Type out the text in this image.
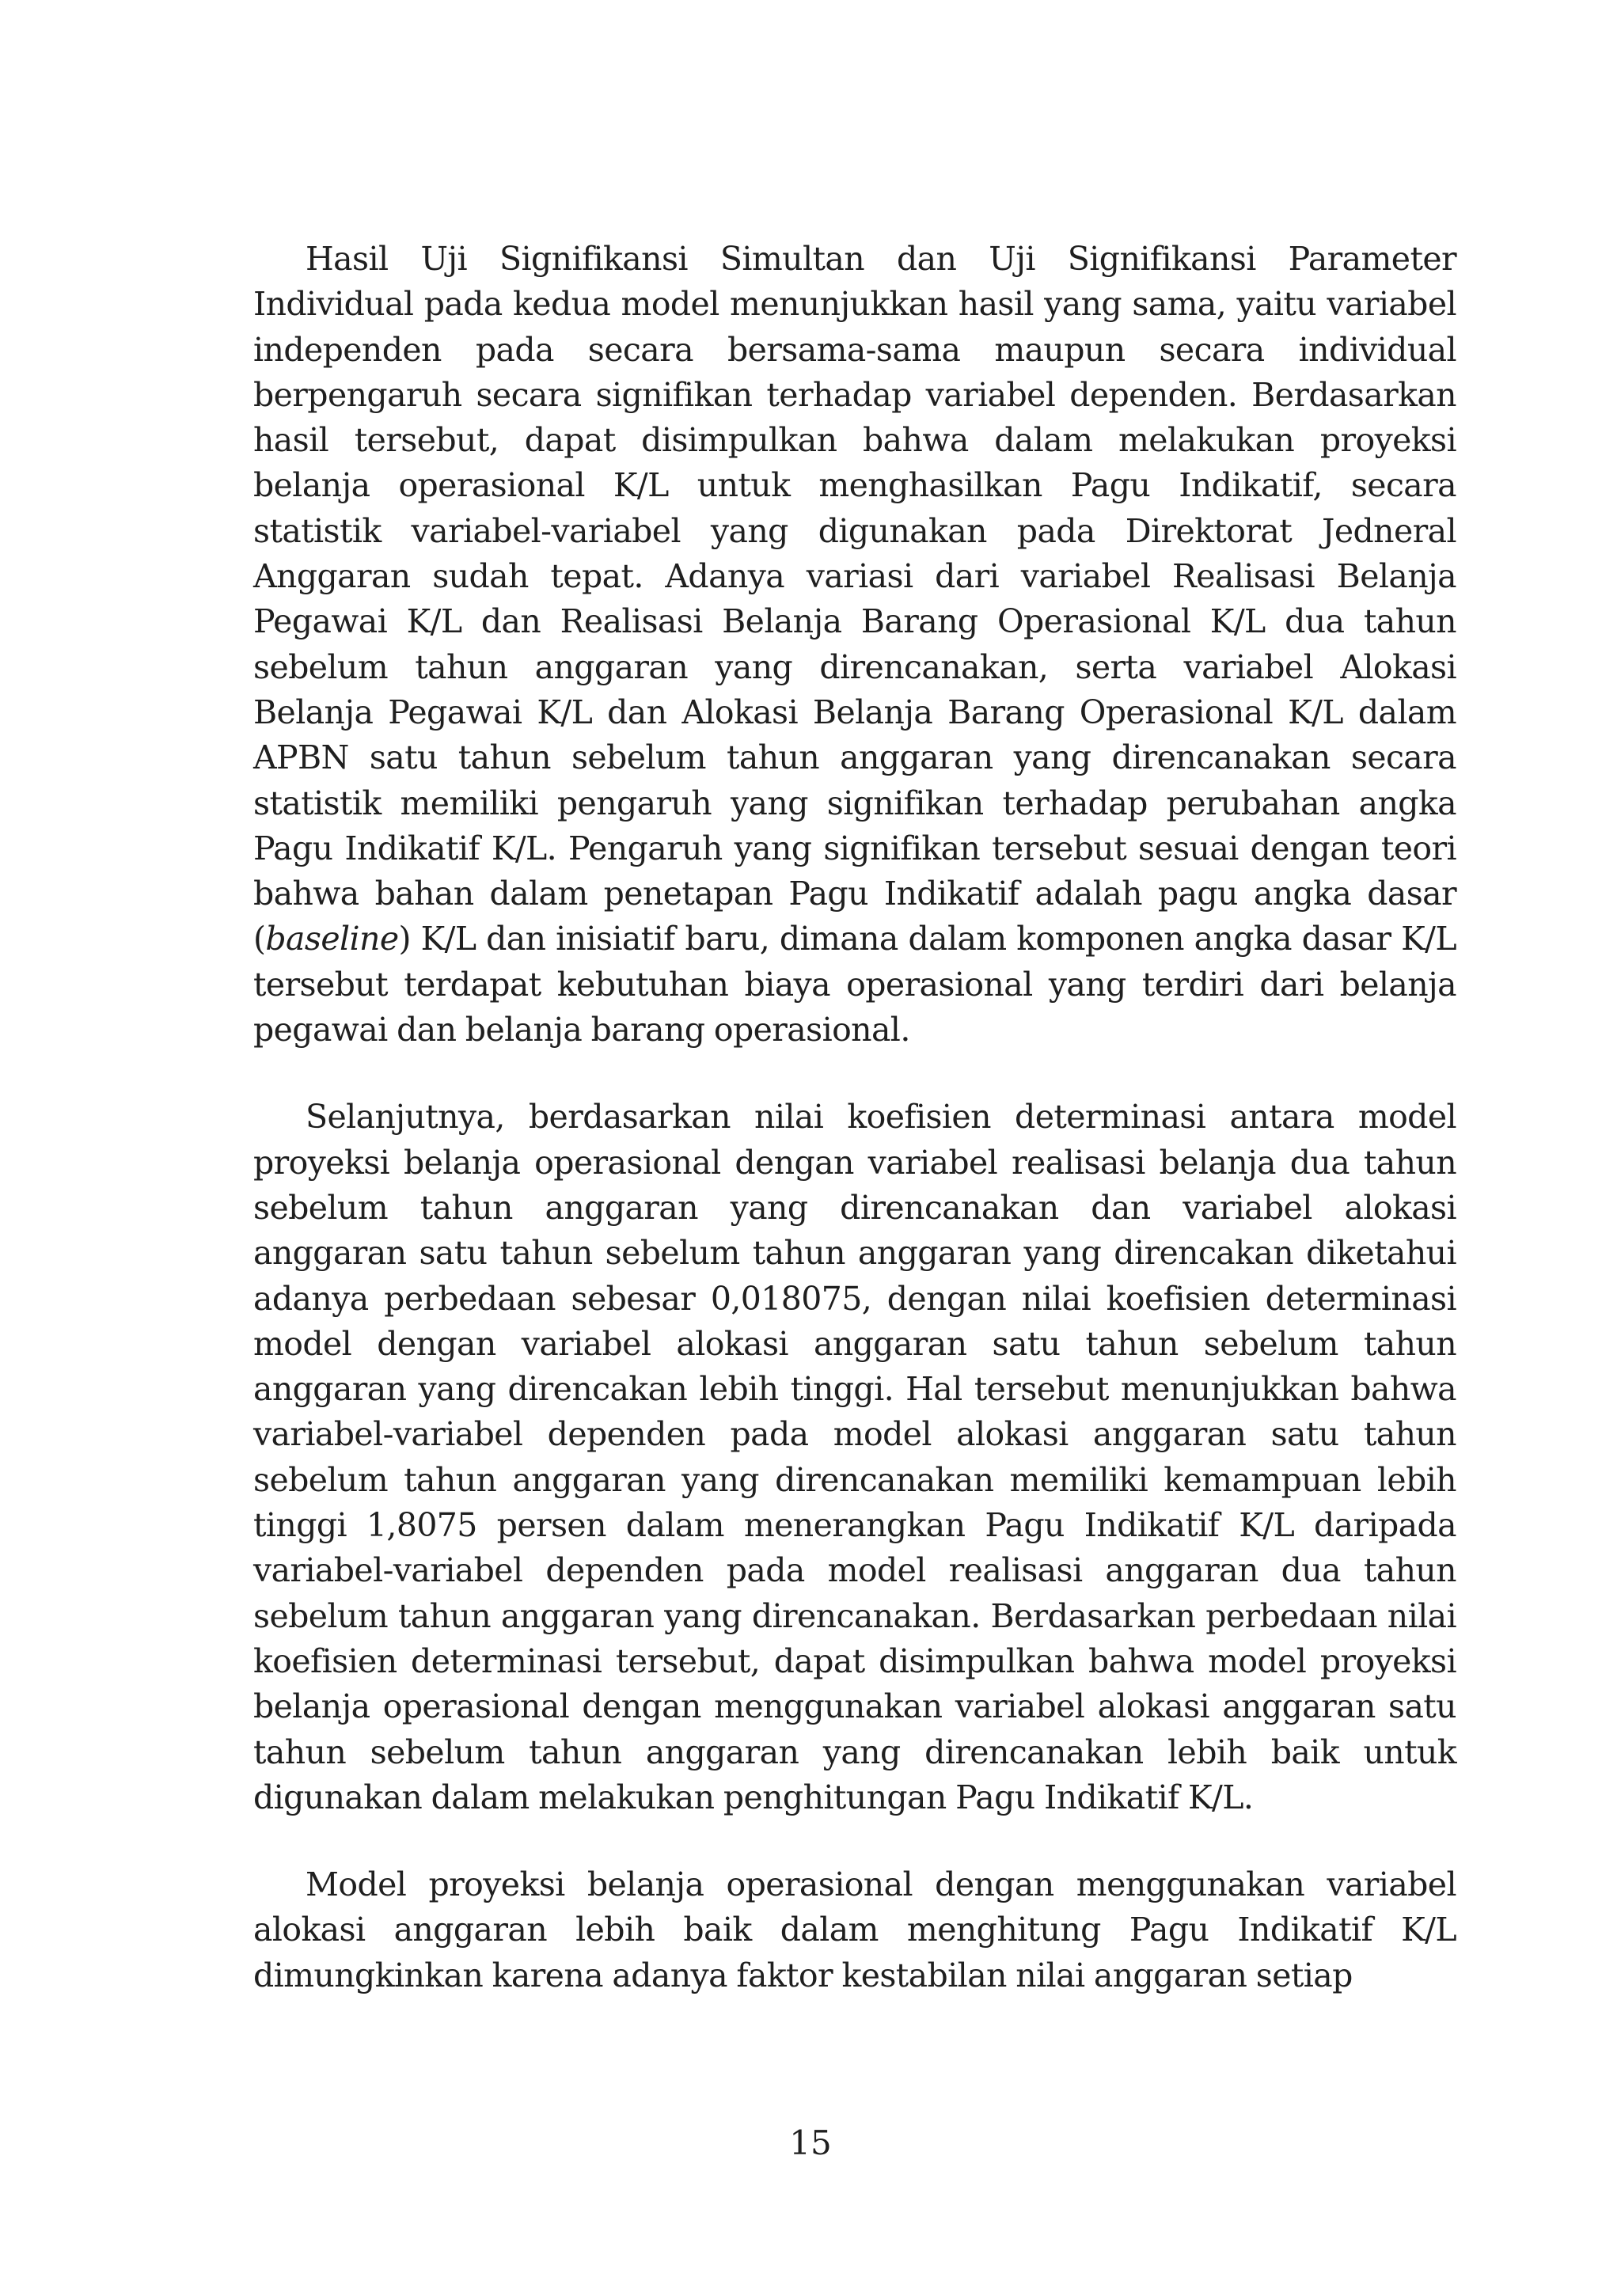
Hasil Uji Signifikansi Simultan dan Uji Signifikansi Parameter Individual pada kedua model menunjukkan hasil yang sama, yaitu variabel independen pada secara bersama-sama maupun secara individual berpengaruh secara signifikan terhadap variabel dependen. Berdasarkan hasil tersebut, dapat disimpulkan bahwa dalam melakukan proyeksi belanja operasional K/L untuk menghasilkan Pagu Indikatif, secara statistik variabel-variabel yang digunakan pada Direktorat Jedneral Anggaran sudah tepat. Adanya variasi dari variabel Realisasi Belanja Pegawai K/L dan Realisasi Belanja Barang Operasional K/L dua tahun sebelum tahun anggaran yang direncanakan, serta variabel Alokasi Belanja Pegawai K/L dan Alokasi Belanja Barang Operasional K/L dalam APBN satu tahun sebelum tahun anggaran yang direncanakan secara statistik memiliki pengaruh yang signifikan terhadap perubahan angka Pagu Indikatif K/L. Pengaruh yang signifikan tersebut sesuai dengan teori bahwa bahan dalam penetapan Pagu Indikatif adalah pagu angka dasar (baseline) K/L dan inisiatif baru, dimana dalam komponen angka dasar K/L tersebut terdapat kebutuhan biaya operasional yang terdiri dari belanja pegawai dan belanja barang operasional.

Selanjutnya, berdasarkan nilai koefisien determinasi antara model proyeksi belanja operasional dengan variabel realisasi belanja dua tahun sebelum tahun anggaran yang direncanakan dan variabel alokasi anggaran satu tahun sebelum tahun anggaran yang direncakan diketahui adanya perbedaan sebesar 0,018075, dengan nilai koefisien determinasi model dengan variabel alokasi anggaran satu tahun sebelum tahun anggaran yang direncakan lebih tinggi. Hal tersebut menunjukkan bahwa variabel-variabel dependen pada model alokasi anggaran satu tahun sebelum tahun anggaran yang direncanakan memiliki kemampuan lebih tinggi 1,8075 persen dalam menerangkan Pagu Indikatif K/L daripada variabel-variabel dependen pada model realisasi anggaran dua tahun sebelum tahun anggaran yang direncanakan. Berdasarkan perbedaan nilai koefisien determinasi tersebut, dapat disimpulkan bahwa model proyeksi belanja operasional dengan menggunakan variabel alokasi anggaran satu tahun sebelum tahun anggaran yang direncanakan lebih baik untuk digunakan dalam melakukan penghitungan Pagu Indikatif K/L.

Model proyeksi belanja operasional dengan menggunakan variabel alokasi anggaran lebih baik dalam menghitung Pagu Indikatif K/L dimungkinkan karena adanya faktor kestabilan nilai anggaran setiap

15
